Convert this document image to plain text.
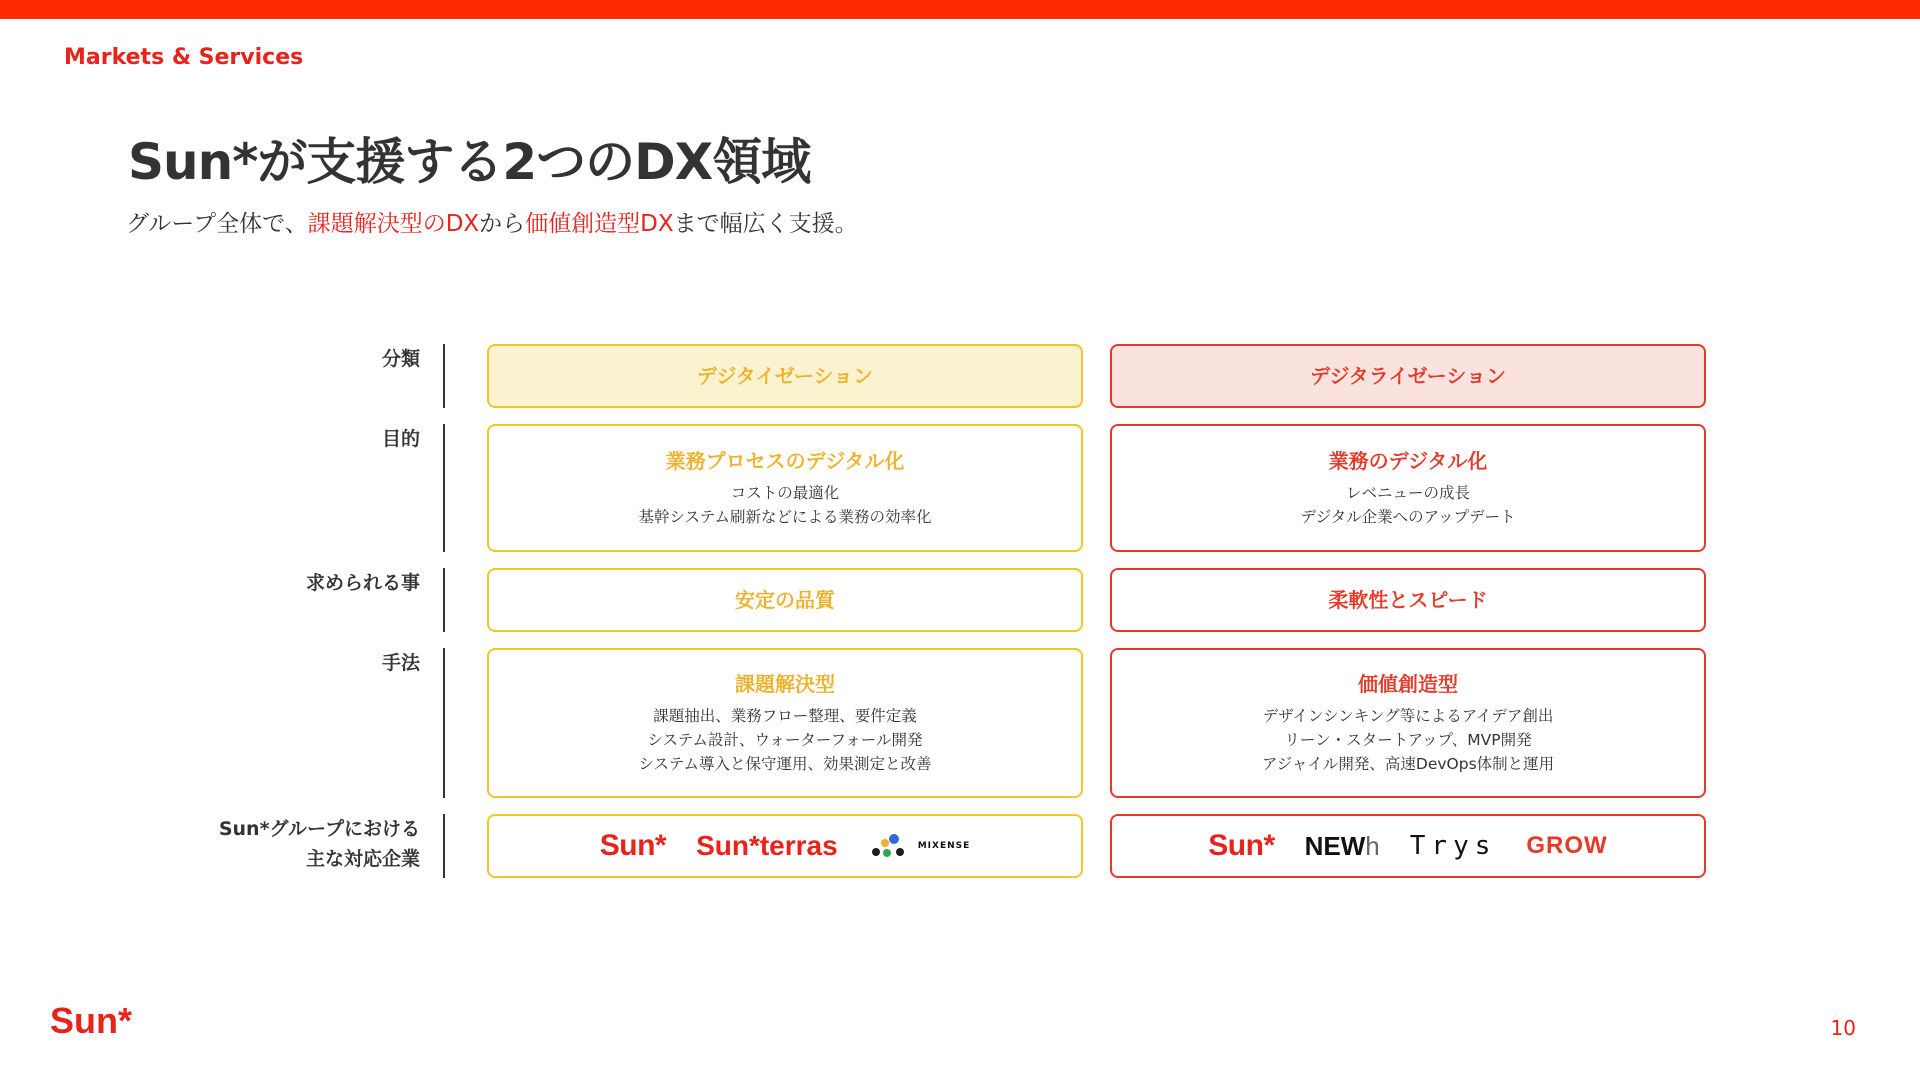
Markets & Services
Sun*が支援する2つのDX領域
グループ全体で、課題解決型のDXから価値創造型DXまで幅広く支援。
分類
目的
求められる事
手法
Sun*グループにおける
主な対応企業
デジタイゼーション
業務プロセスのデジタル化
コストの最適化
基幹システム刷新などによる業務の効率化
安定の品質
課題解決型
課題抽出、業務フロー整理、要件定義
システム設計、ウォーターフォール開発
システム導入と保守運用、効果測定と改善
Sun* Sun*terras	MIXENSE
デジタライゼーション
業務のデジタル化
レベニューの成長
デジタル企業へのアップデート
柔軟性とスピード
価値創造型
デザインシンキング等によるアイデア創出
リーン・スタートアップ、MVP開発
アジャイル開発、高速DevOps体制と運用
Sun* NEWh Trys GROW
Sun*	10
